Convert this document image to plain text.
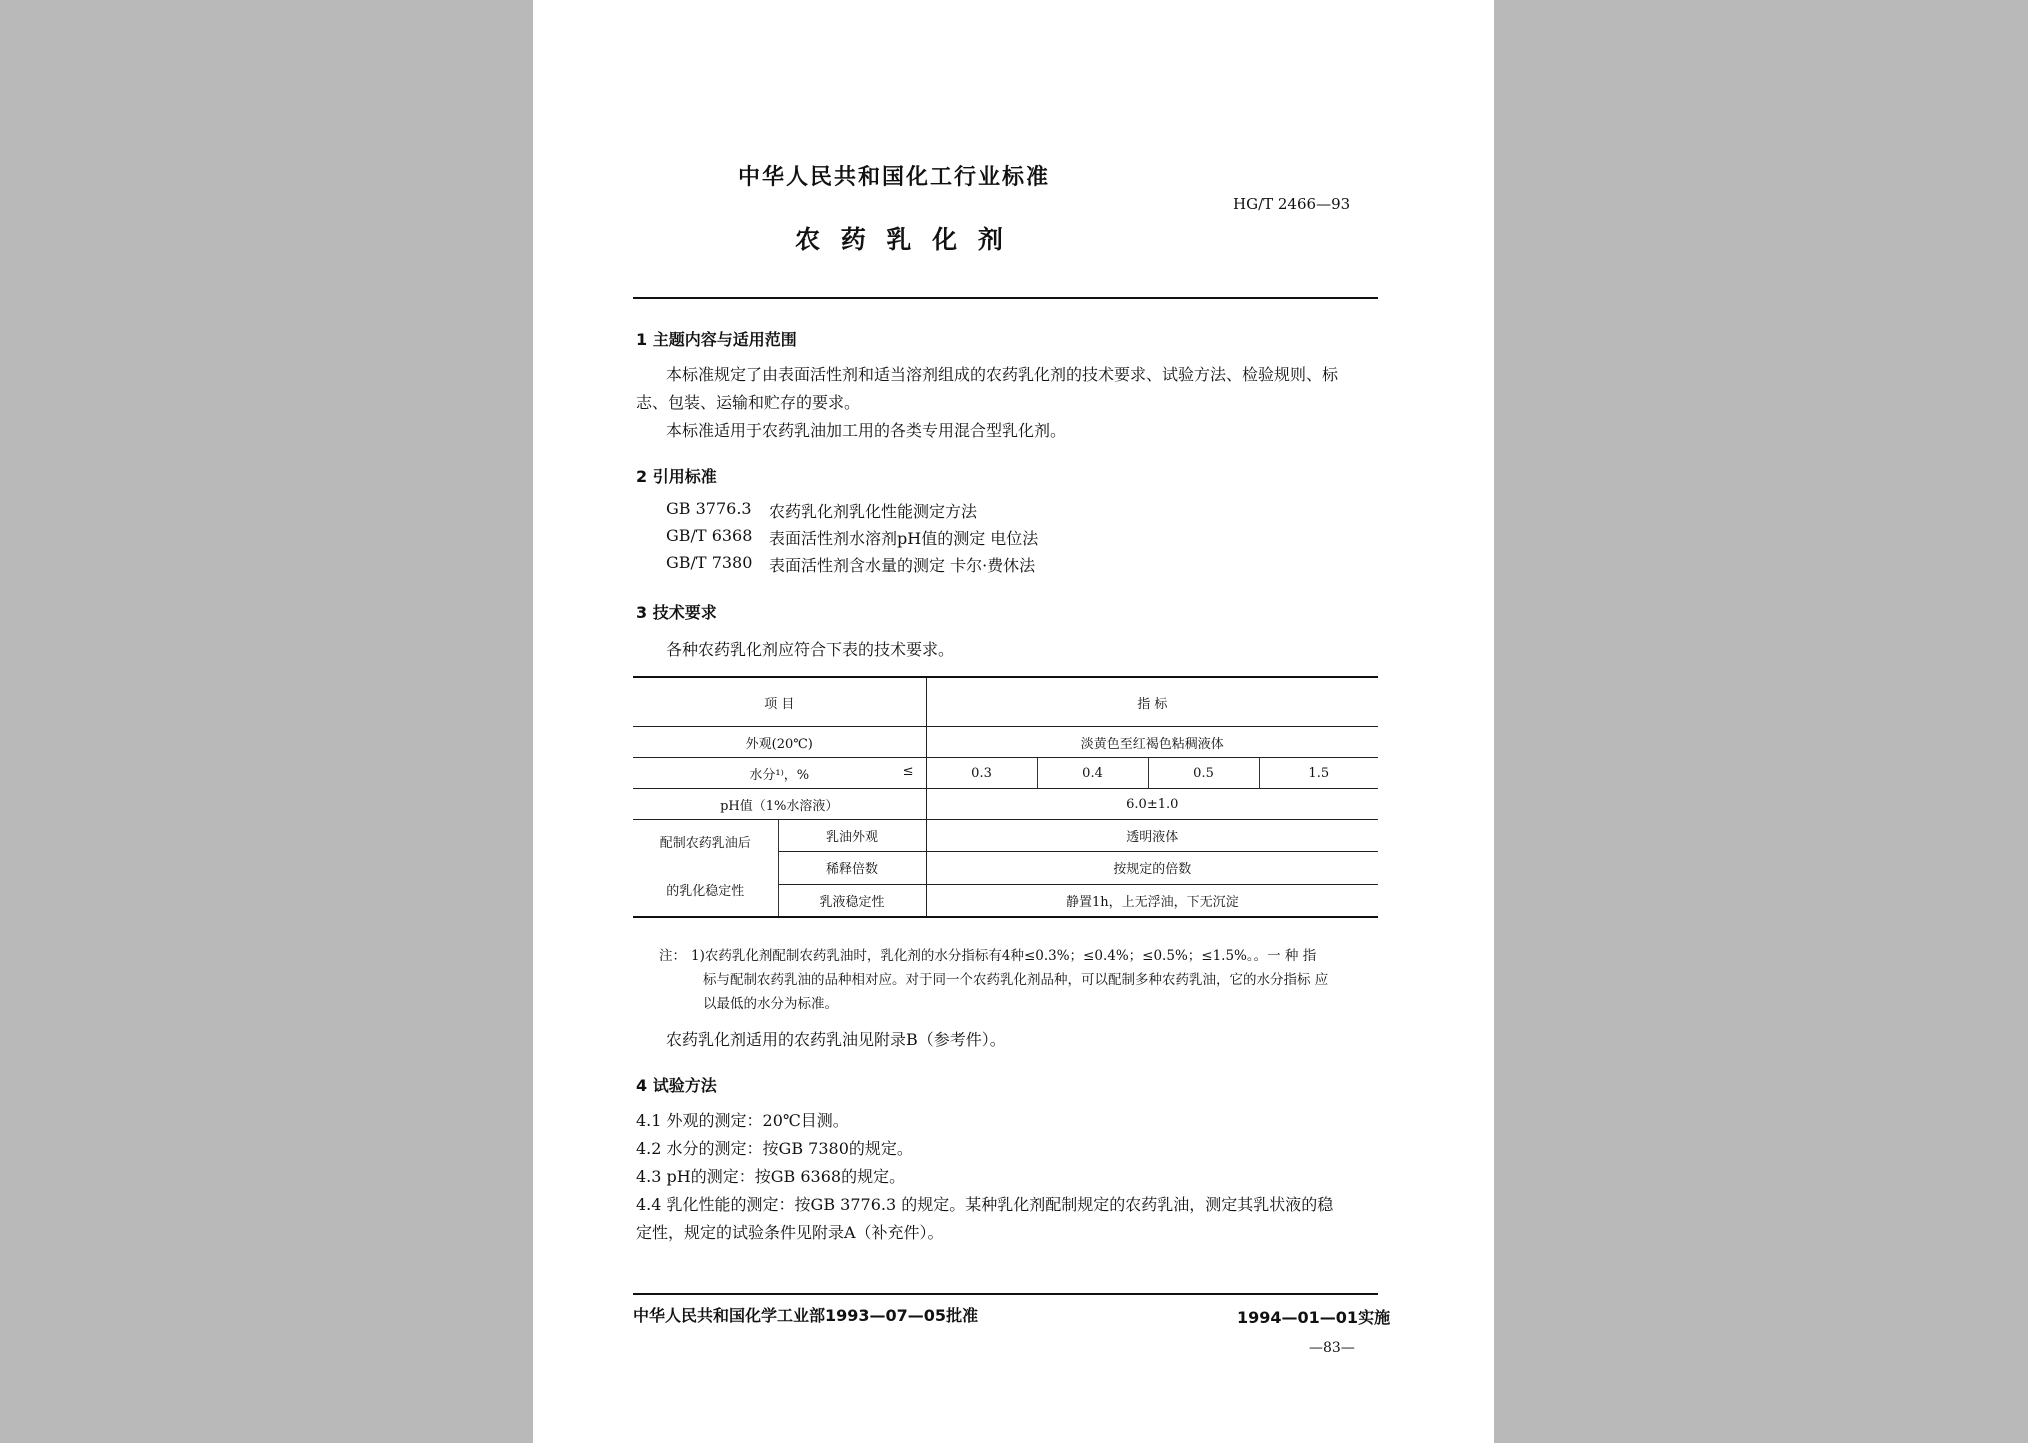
中华人民共和国化工行业标准
HG/T 2466—93
农 药 乳 化 剂
1 主题内容与适用范围
本标准规定了由表面活性剂和适当溶剂组成的农药乳化剂的技术要求、试验方法、检验规则、标
志、包装、运输和贮存的要求。
本标准适用于农药乳油加工用的各类专用混合型乳化剂。
2 引用标准
GB 3776.3 农药乳化剂乳化性能测定方法
GB/T 6368 表面活性剂水溶剂pH值的测定 电位法
GB/T 7380 表面活性剂含水量的测定 卡尔·费休法
3 技术要求
各种农药乳化剂应符合下表的技术要求。
项 目		指 标			
外观(20℃)		淡黄色至红褐色粘稠液体			
水分¹⁾，% ≤		0.3	0.4	0.5	1.5
pH值（1%水溶液）		6.0±1.0			

配制农药乳油后
的乳化稳定性	乳油外观	透明液体			
	稀释倍数	按规定的倍数			
	乳液稳定性	静置1h，上无浮油，下无沉淀			
注： 1)农药乳化剂配制农药乳油时，乳化剂的水分指标有4种≤0.3%；≤0.4%；≤0.5%；≤1.5%。。一 种 指
标与配制农药乳油的品种相对应。对于同一个农药乳化剂品种，可以配制多种农药乳油，它的水分指标 应
以最低的水分为标准。
农药乳化剂适用的农药乳油见附录B（参考件）。
4 试验方法
4.1 外观的测定：20℃目测。
4.2 水分的测定：按GB 7380的规定。
4.3 pH的测定：按GB 6368的规定。
4.4 乳化性能的测定：按GB 3776.3 的规定。某种乳化剂配制规定的农药乳油，测定其乳状液的稳
定性，规定的试验条件见附录A（补充件）。
中华人民共和国化学工业部1993—07—05批准	1994—01—01实施
—83—
